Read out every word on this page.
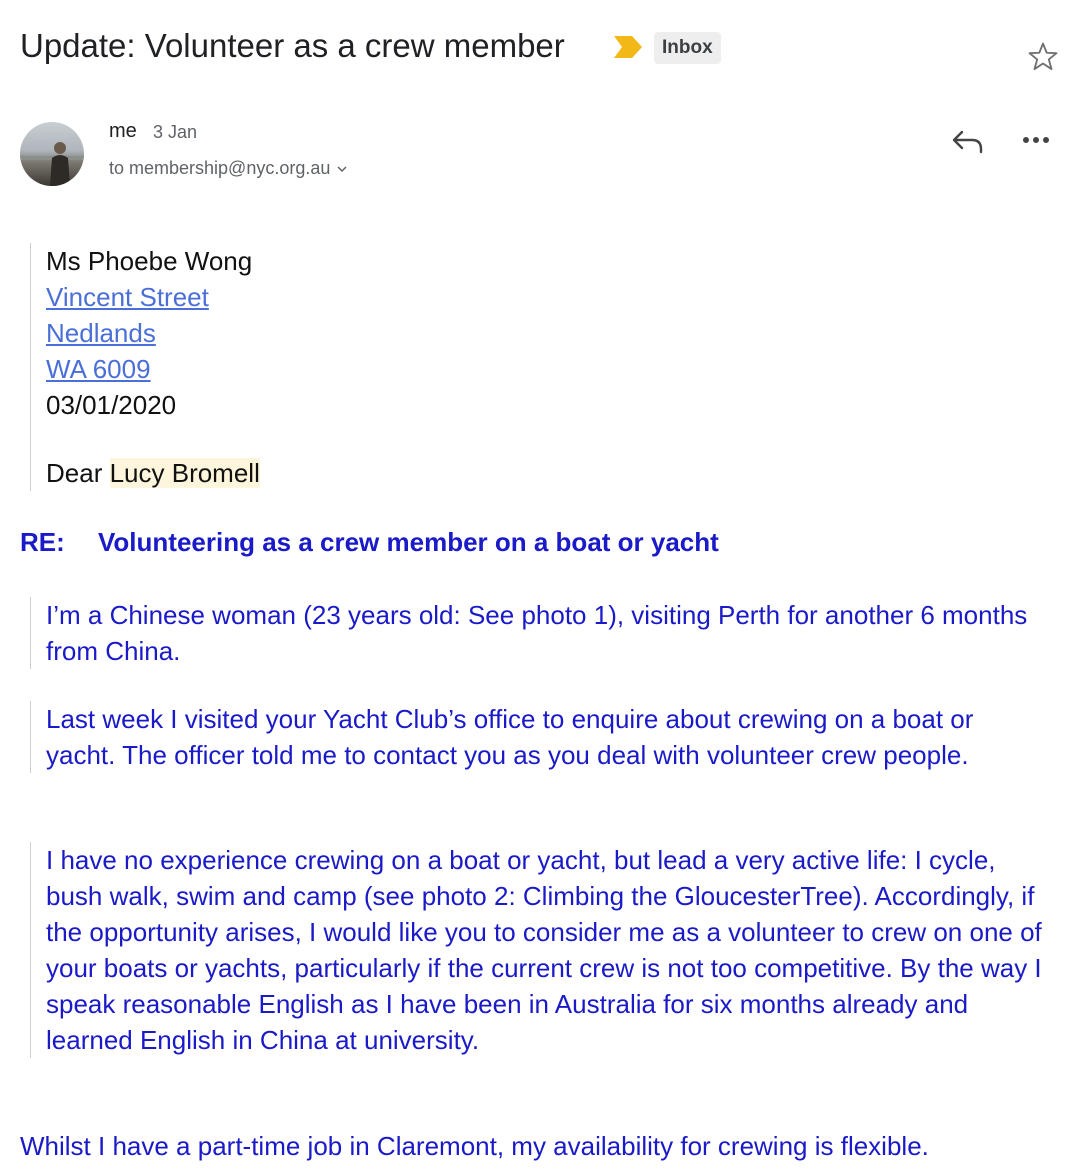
Update: Volunteer as a crew member	Inbox
me 3 Jan
to membership@nyc.org.au
Ms Phoebe Wong
Vincent Street
Nedlands
WA 6009
03/01/2020
Dear Lucy Bromell
RE: Volunteering as a crew member on a boat or yacht
I’m a Chinese woman (23 years old: See photo 1), visiting Perth for another 6 months from China.
Last week I visited your Yacht Club’s office to enquire about crewing on a boat or yacht. The officer told me to contact you as you deal with volunteer crew people.
I have no experience crewing on a boat or yacht, but lead a very active life: I cycle, bush walk, swim and camp (see photo 2: Climbing the GloucesterTree). Accordingly, if the opportunity arises, I would like you to consider me as a volunteer to crew on one of your boats or yachts, particularly if the current crew is not too competitive. By the way I speak reasonable English as I have been in Australia for six months already and learned English in China at university.
Whilst I have a part-time job in Claremont, my availability for crewing is flexible.
